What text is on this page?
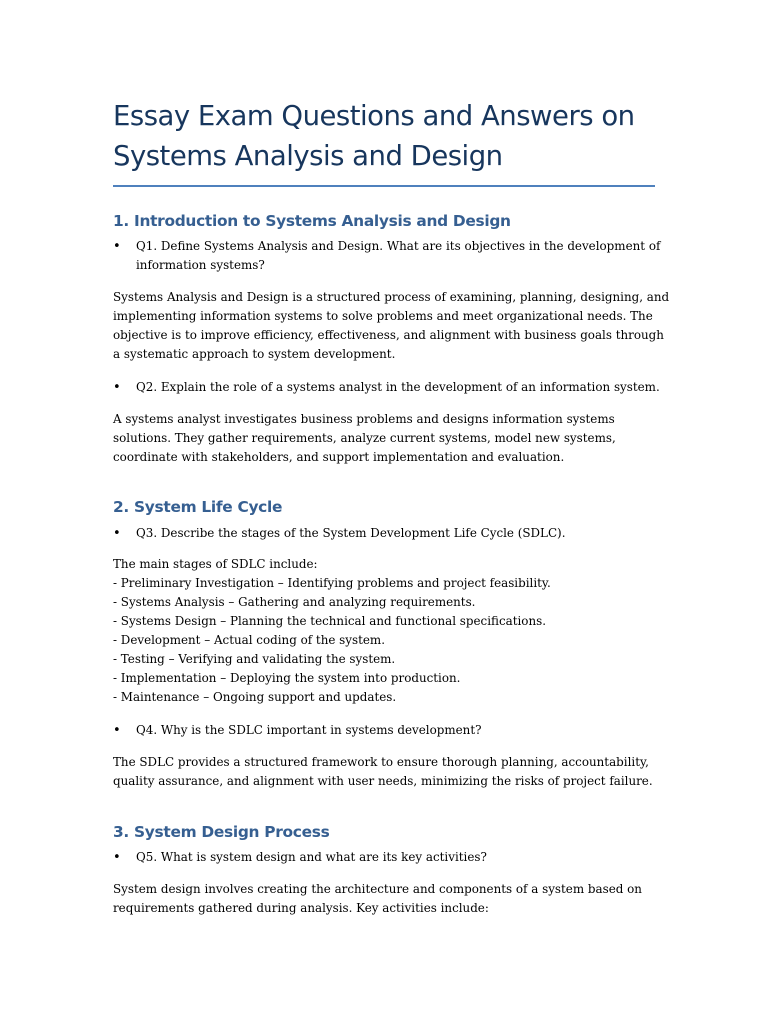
Essay Exam Questions and Answers on
Systems Analysis and Design
1. Introduction to Systems Analysis and Design
• Q1. Define Systems Analysis and Design. What are its objectives in the development of
information systems?
Systems Analysis and Design is a structured process of examining, planning, designing, and
implementing information systems to solve problems and meet organizational needs. The
objective is to improve efficiency, effectiveness, and alignment with business goals through
a systematic approach to system development.
• Q2. Explain the role of a systems analyst in the development of an information system.
A systems analyst investigates business problems and designs information systems
solutions. They gather requirements, analyze current systems, model new systems,
coordinate with stakeholders, and support implementation and evaluation.
2. System Life Cycle
• Q3. Describe the stages of the System Development Life Cycle (SDLC).
The main stages of SDLC include:
- Preliminary Investigation – Identifying problems and project feasibility.
- Systems Analysis – Gathering and analyzing requirements.
- Systems Design – Planning the technical and functional specifications.
- Development – Actual coding of the system.
- Testing – Verifying and validating the system.
- Implementation – Deploying the system into production.
- Maintenance – Ongoing support and updates.
• Q4. Why is the SDLC important in systems development?
The SDLC provides a structured framework to ensure thorough planning, accountability,
quality assurance, and alignment with user needs, minimizing the risks of project failure.
3. System Design Process
• Q5. What is system design and what are its key activities?
System design involves creating the architecture and components of a system based on
requirements gathered during analysis. Key activities include:
